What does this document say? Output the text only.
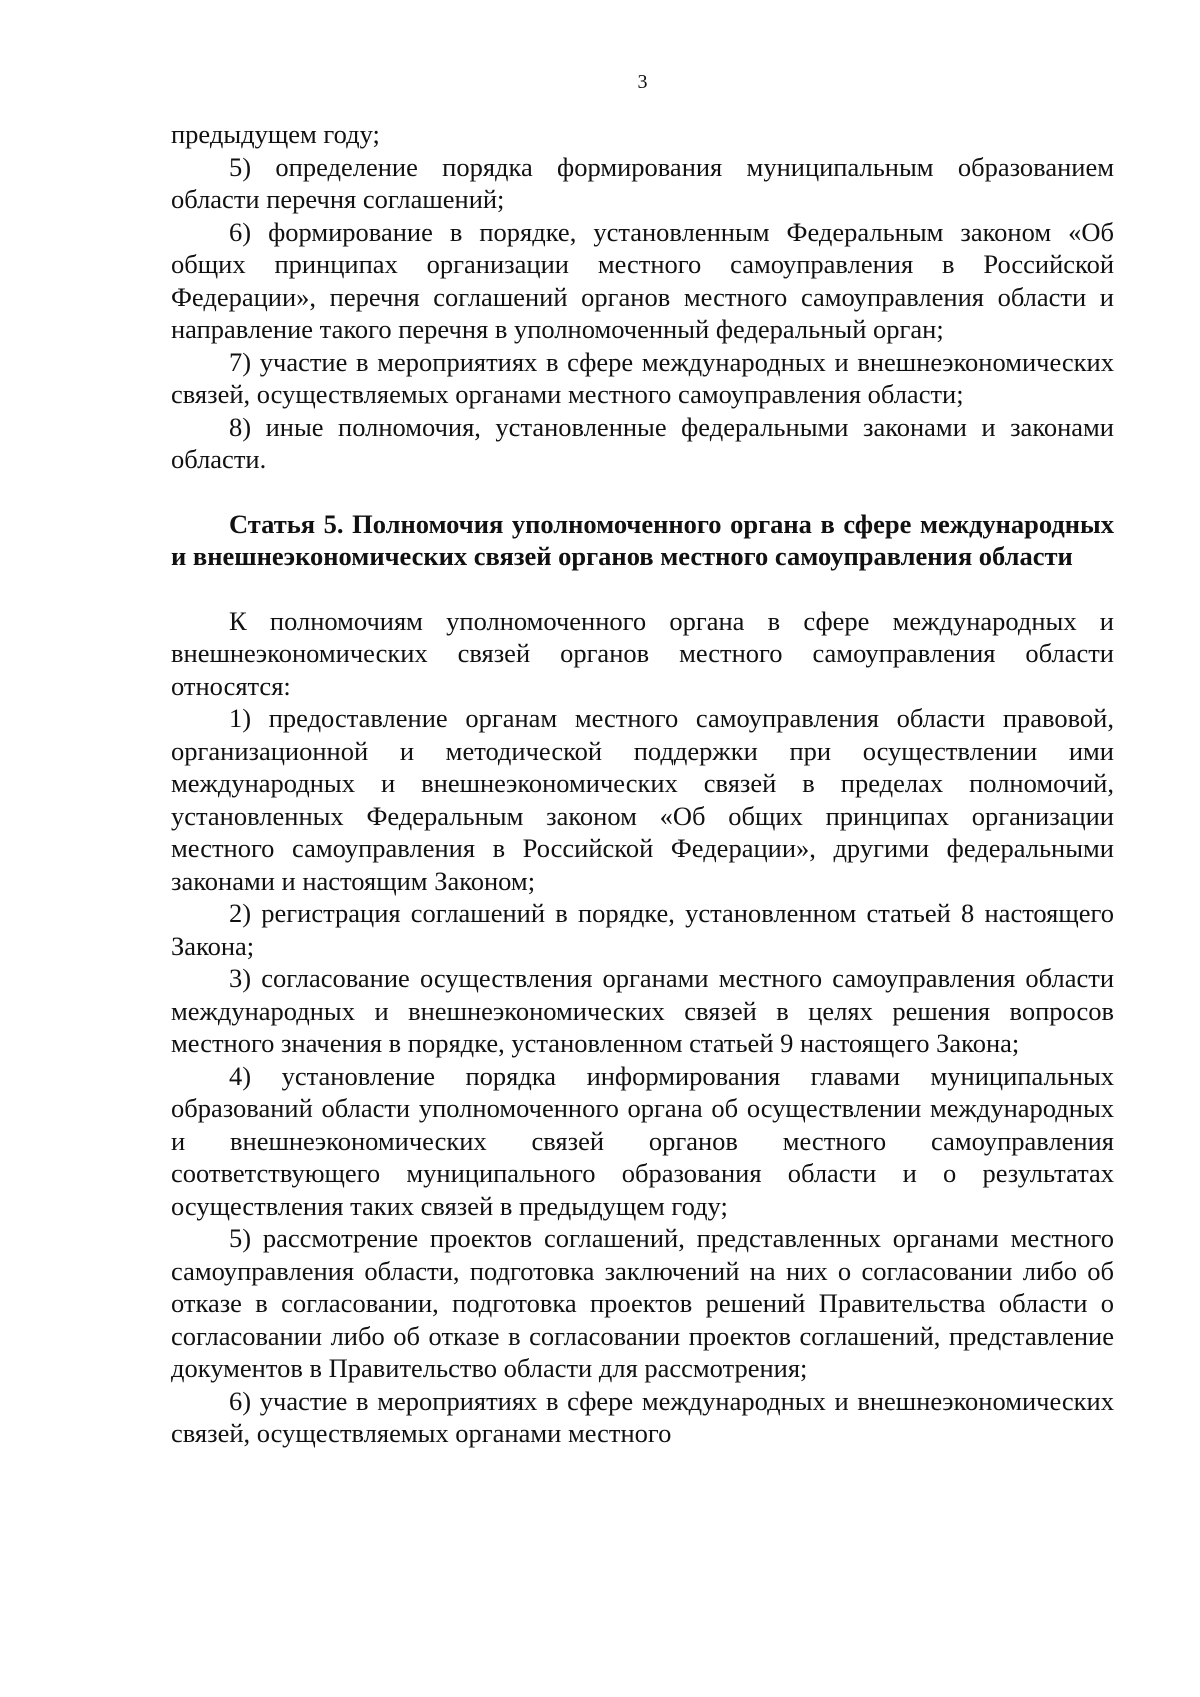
3

предыдущем году;

5) определение порядка формирования муниципальным образованием области перечня соглашений;

6) формирование в порядке, установленным Федеральным законом «Об общих принципах организации местного самоуправления в Российской Федерации», перечня соглашений органов местного самоуправления области и направление такого перечня в уполномоченный федеральный орган;

7) участие в мероприятиях в сфере международных и внешнеэкономических связей, осуществляемых органами местного самоуправления области;

8) иные полномочия, установленные федеральными законами и законами области.

Статья 5. Полномочия уполномоченного органа в сфере международных и внешнеэкономических связей органов местного самоуправления области

К полномочиям уполномоченного органа в сфере международных и внешнеэкономических связей органов местного самоуправления области относятся:

1) предоставление органам местного самоуправления области правовой, организационной и методической поддержки при осуществлении ими международных и внешнеэкономических связей в пределах полномочий, установленных Федеральным законом «Об общих принципах организации местного самоуправления в Российской Федерации», другими федеральными законами и настоящим Законом;

2) регистрация соглашений в порядке, установленном статьей 8 настоящего Закона;

3) согласование осуществления органами местного самоуправления области международных и внешнеэкономических связей в целях решения вопросов местного значения в порядке, установленном статьей 9 настоящего Закона;

4) установление порядка информирования главами муниципальных образований области уполномоченного органа об осуществлении международных и внешнеэкономических связей органов местного самоуправления соответствующего муниципального образования области и о результатах осуществления таких связей в предыдущем году;

5) рассмотрение проектов соглашений, представленных органами местного самоуправления области, подготовка заключений на них о согласовании либо об отказе в согласовании, подготовка проектов решений Правительства области о согласовании либо об отказе в согласовании проектов соглашений, представление документов в Правительство области для рассмотрения;

6) участие в мероприятиях в сфере международных и внешнеэкономических связей, осуществляемых органами местного
